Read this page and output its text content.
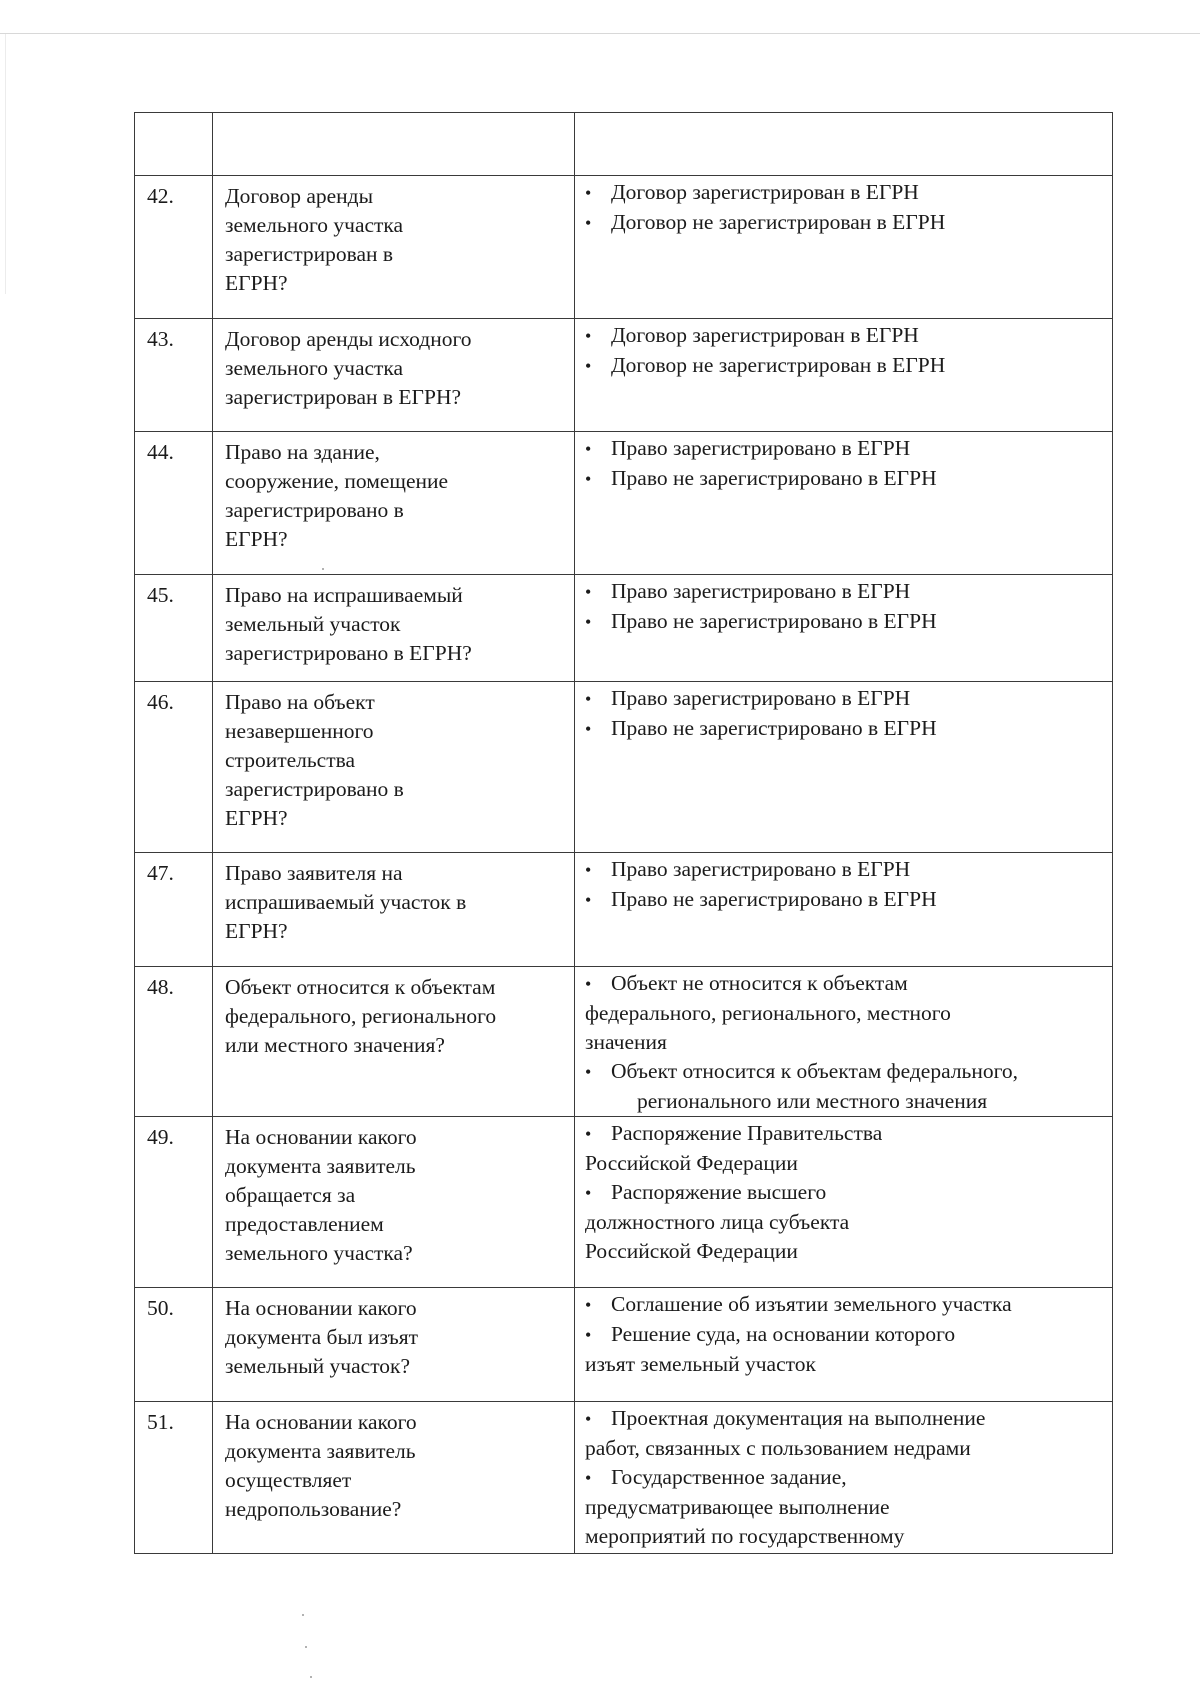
42.	Договор аренды
земельного участка
зарегистрирован в
ЕГРН?	• Договор зарегистрирован в ЕГРН
• Договор не зарегистрирован в ЕГРН

43.	Договор аренды исходного
земельного участка
зарегистрирован в ЕГРН?	• Договор зарегистрирован в ЕГРН
• Договор не зарегистрирован в ЕГРН

44.	Право на здание,
сооружение, помещение
зарегистрировано в
ЕГРН?	• Право зарегистрировано в ЕГРН
• Право не зарегистрировано в ЕГРН

45.	Право на испрашиваемый
земельный участок
зарегистрировано в ЕГРН?	• Право зарегистрировано в ЕГРН
• Право не зарегистрировано в ЕГРН

46.	Право на объект
незавершенного
строительства
зарегистрировано в
ЕГРН?	• Право зарегистрировано в ЕГРН
• Право не зарегистрировано в ЕГРН

47.	Право заявителя на
испрашиваемый участок в
ЕГРН?	• Право зарегистрировано в ЕГРН
• Право не зарегистрировано в ЕГРН

48.	Объект относится к объектам
федерального, регионального
или местного значения?	• Объект не относится к объектам
федерального, регионального, местного
значения
• Объект относится к объектам федерального,
регионального или местного значения

49.	На основании какого
документа заявитель
обращается за
предоставлением
земельного участка?	• Распоряжение Правительства
Российской Федерации
• Распоряжение высшего
должностного лица субъекта
Российской Федерации

50.	На основании какого
документа был изъят
земельный участок?	• Соглашение об изъятии земельного участка
• Решение суда, на основании которого
изъят земельный участок

51.	На основании какого
документа заявитель
осуществляет
недропользование?	• Проектная документация на выполнение
работ, связанных с пользованием недрами
• Государственное задание,
предусматривающее выполнение
мероприятий по государственному
